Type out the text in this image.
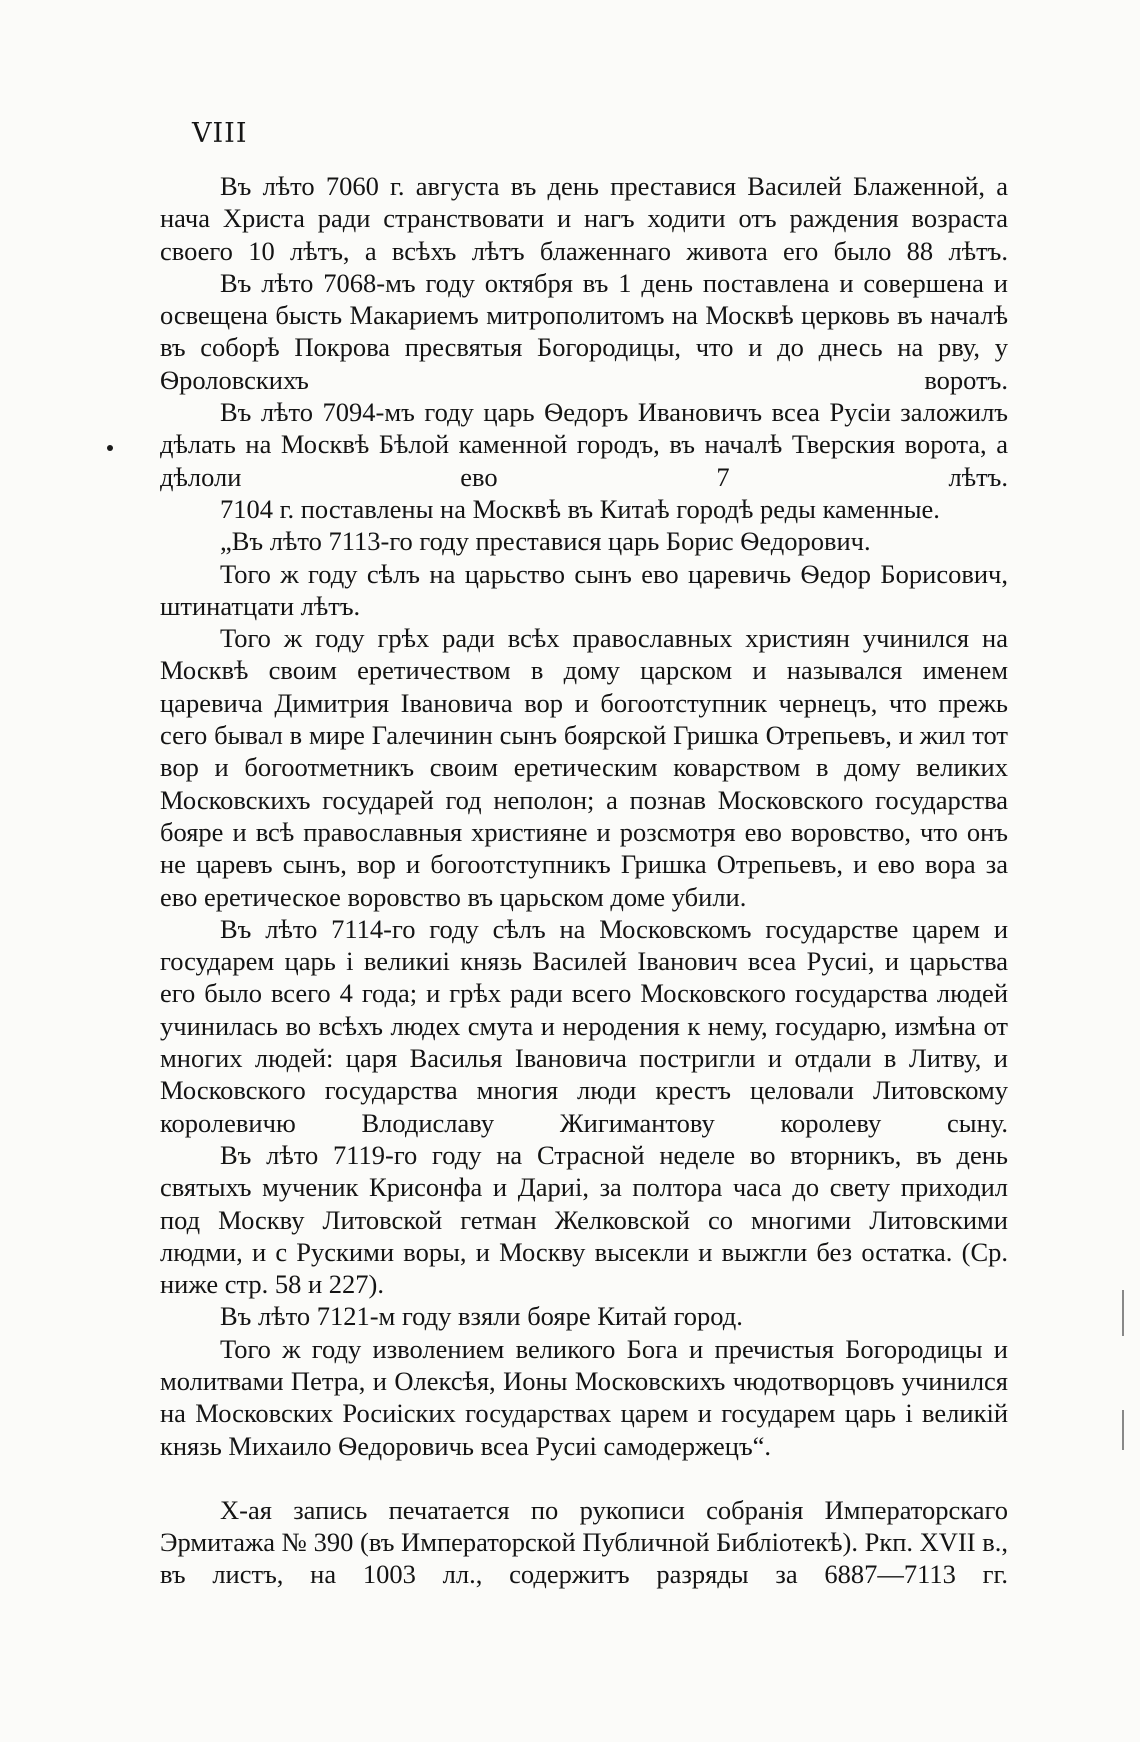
VIII

Въ лѣто 7060 г. августа въ день преставися Василей Блаженной, а нача Христа ради странствовати и нагъ ходити отъ раждения возраста своего 10 лѣтъ, а всѣхъ лѣтъ блаженнаго живота его было 88 лѣтъ.

Въ лѣто 7068-мъ году октября въ 1 день поставлена и совершена и освещена бысть Макариемъ митрополитомъ на Москвѣ церковь въ началѣ въ соборѣ Покрова пресвятыя Богородицы, что и до днесь на рву, у Ѳроловскихъ воротъ.

Въ лѣто 7094-мъ году царь Ѳедоръ Ивановичъ всеа Русіи заложилъ дѣлать на Москвѣ Бѣлой каменной городъ, въ началѣ Тверския ворота, а дѣлоли ево 7 лѣтъ.

7104 г. поставлены на Москвѣ въ Китаѣ городѣ реды каменные.

„Въ лѣто 7113-го году преставися царь Борис Ѳедорович.

Того ж году сѣлъ на царьство сынъ ево царевичь Ѳедор Борисович, штинатцати лѣтъ.

Того ж году грѣх ради всѣх православных християн учинился на Москвѣ своим еретичеством в дому царском и назывался именем царевича Димитрия Івановича вор и богоотступник чернецъ, что прежь сего бывал в мире Галечинин сынъ боярской Гришка Отрепьевъ, и жил тот вор и богоотметникъ своим еретическим коварством в дому великих Московскихъ государей год неполон; а познав Московского государства бояре и всѣ православныя християне и розсмотря ево воровство, что онъ не царевъ сынъ, вор и богоотступникъ Гришка Отрепьевъ, и ево вора за ево еретическое воровство въ царьском доме убили.

Въ лѣто 7114-го году сѣлъ на Московскомъ государстве царем и государем царь і великиі князь Василей Іванович всеа Русиі, и царьства его было всего 4 года; и грѣх ради всего Московского государства людей учинилась во всѣхъ людех смута и неродения к нему, государю, измѣна от многих людей: царя Василья Івановича постригли и отдали в Литву, и Московского государства многия люди крестъ целовали Литовскому королевичю Влодиславу Жигимантову королеву сыну.

Въ лѣто 7119-го году на Страсной неделе во вторникъ, въ день святыхъ мученик Крисонфа и Дариі, за полтора часа до свету приходил под Москву Литовской гетман Желковской со многими Литовскими людми, и с Рускими воры, и Москву высекли и выжгли без остатка. (Ср. ниже стр. 58 и 227).

Въ лѣто 7121-м году взяли бояре Китай город.

Того ж году изволением великого Бога и пречистыя Богородицы и молитвами Петра, и Олексѣя, Ионы Московскихъ чюдотворцовъ учинился на Московских Росиіских государствах царем и государем царь і великій князь Михаило Ѳедоровичь всеа Русиі самодержецъ“.

X-ая запись печатается по рукописи собранія Императорскаго Эрмитажа № 390 (въ Императорской Публичной Библіотекѣ). Ркп. XVII в., въ листъ, на 1003 лл., содержитъ разряды за 6887—7113 гг.
